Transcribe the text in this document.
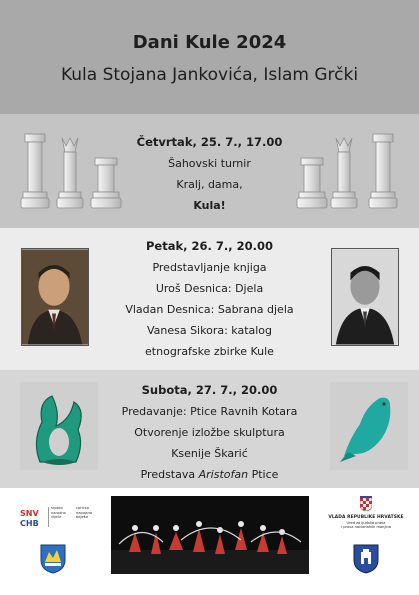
Dani Kule 2024
Kula Stojana Jankovića, Islam Grčki
Četvrtak, 25. 7., 17.00
Šahovski turnir
Kralj, dama,
Kula!
Petak, 26. 7., 20.00
Predstavljanje knjiga
Uroš Desnica: Djela
Vladan Desnica: Sabrana djela
Vanesa Sikora: katalog
etnografske zbirke Kule
Subota, 27. 7., 20.00
Predavanje: Ptice Ravnih Kotara
Otvorenje izložbe skulptura
Ksenije Škarić
Predstava Aristofan Ptice
SNV
CHB
srpsko narodno vijeće
српско народно вијеће	VLADA REPUBLIKE HRVATSKE
Ured za ljudska prava
i prava nacionalnih manjina
